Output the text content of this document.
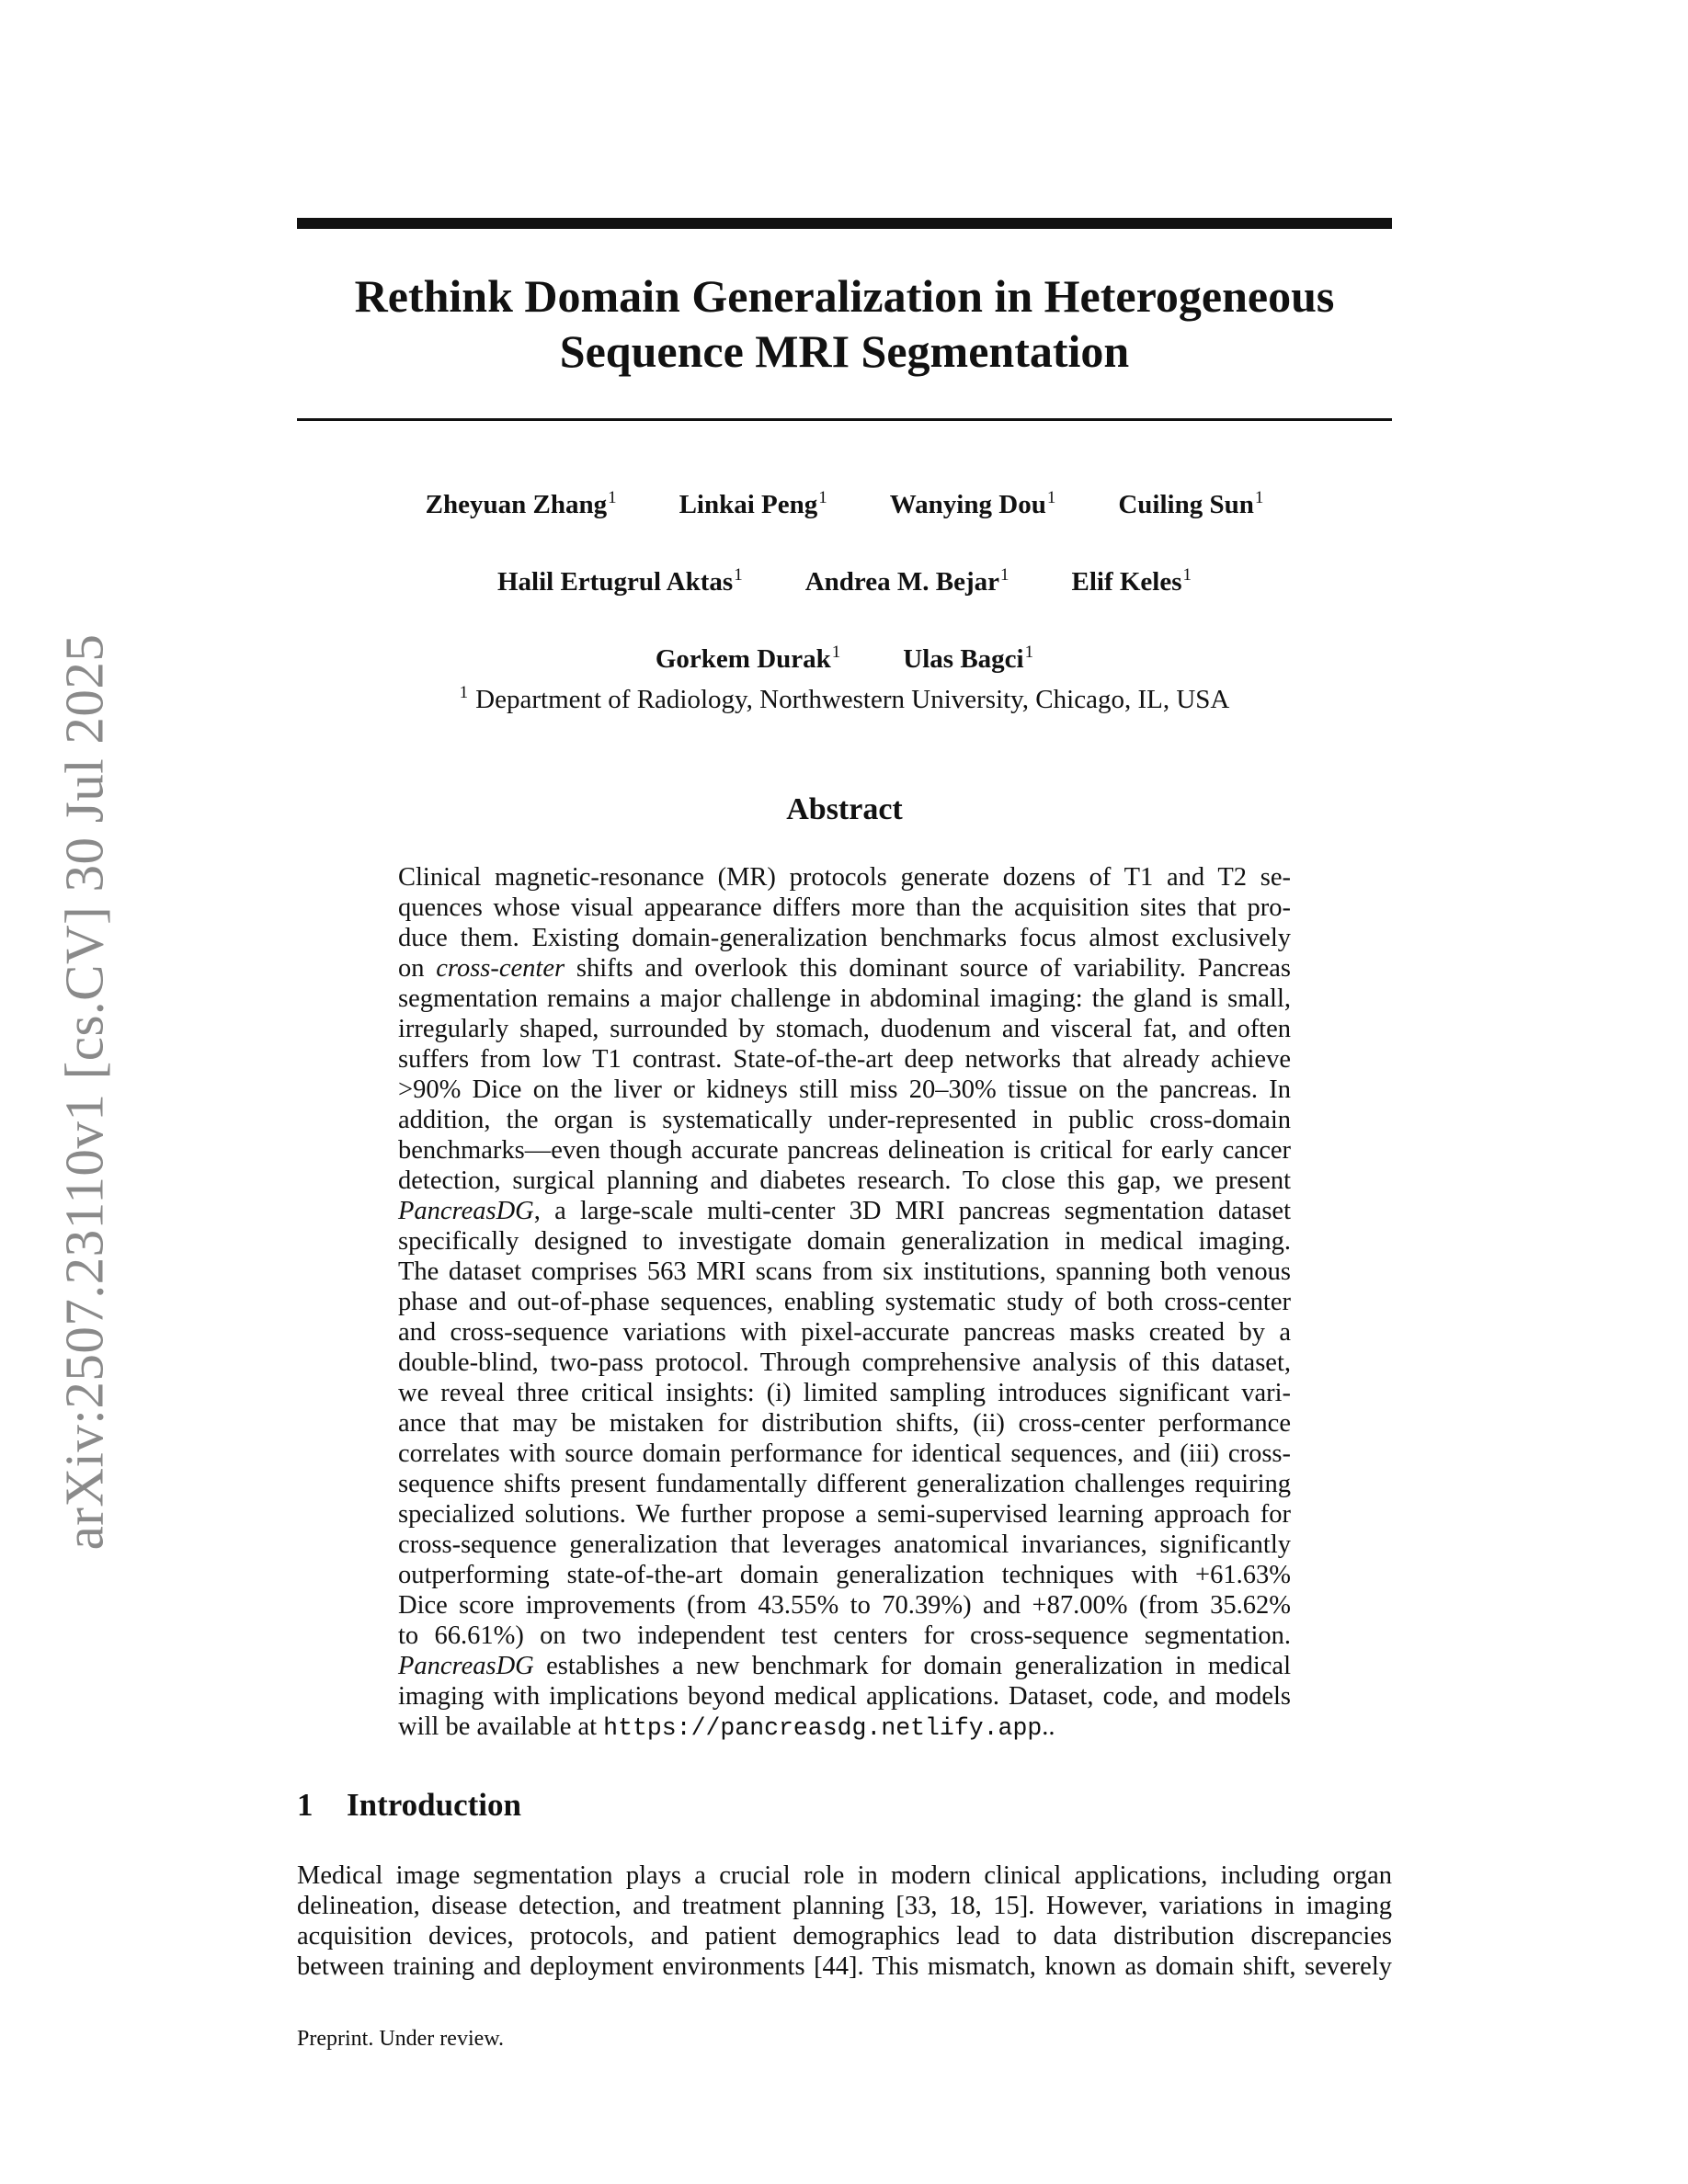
arXiv:2507.23110v1 [cs.CV] 30 Jul 2025
Rethink Domain Generalization in Heterogeneous
Sequence MRI Segmentation
Zheyuan Zhang$^1$ Linkai Peng$^1$ Wanying Dou$^1$ Cuiling Sun$^1$
Halil Ertugrul Aktas$^1$ Andrea M. Bejar$^1$ Elif Keles$^1$
Gorkem Durak$^1$ Ulas Bagci$^1$
$^1$ Department of Radiology, Northwestern University, Chicago, IL, USA
Abstract
Clinical magnetic-resonance (MR) protocols generate dozens of T1 and T2 se-
quences whose visual appearance differs more than the acquisition sites that pro-
duce them. Existing domain-generalization benchmarks focus almost exclusively
on cross-center shifts and overlook this dominant source of variability. Pancreas
segmentation remains a major challenge in abdominal imaging: the gland is small,
irregularly shaped, surrounded by stomach, duodenum and visceral fat, and often
suffers from low T1 contrast. State-of-the-art deep networks that already achieve
>90% Dice on the liver or kidneys still miss 20–30% tissue on the pancreas. In
addition, the organ is systematically under-represented in public cross-domain
benchmarks—even though accurate pancreas delineation is critical for early cancer
detection, surgical planning and diabetes research. To close this gap, we present
PancreasDG, a large-scale multi-center 3D MRI pancreas segmentation dataset
specifically designed to investigate domain generalization in medical imaging.
The dataset comprises 563 MRI scans from six institutions, spanning both venous
phase and out-of-phase sequences, enabling systematic study of both cross-center
and cross-sequence variations with pixel-accurate pancreas masks created by a
double-blind, two-pass protocol. Through comprehensive analysis of this dataset,
we reveal three critical insights: (i) limited sampling introduces significant vari-
ance that may be mistaken for distribution shifts, (ii) cross-center performance
correlates with source domain performance for identical sequences, and (iii) cross-
sequence shifts present fundamentally different generalization challenges requiring
specialized solutions. We further propose a semi-supervised learning approach for
cross-sequence generalization that leverages anatomical invariances, significantly
outperforming state-of-the-art domain generalization techniques with +61.63%
Dice score improvements (from 43.55% to 70.39%) and +87.00% (from 35.62%
to 66.61%) on two independent test centers for cross-sequence segmentation.
PancreasDG establishes a new benchmark for domain generalization in medical
imaging with implications beyond medical applications. Dataset, code, and models
will be available at https://pancreasdg.netlify.app..
1 Introduction
Medical image segmentation plays a crucial role in modern clinical applications, including organ
delineation, disease detection, and treatment planning [33, 18, 15]. However, variations in imaging
acquisition devices, protocols, and patient demographics lead to data distribution discrepancies
between training and deployment environments [44]. This mismatch, known as domain shift, severely
Preprint. Under review.
